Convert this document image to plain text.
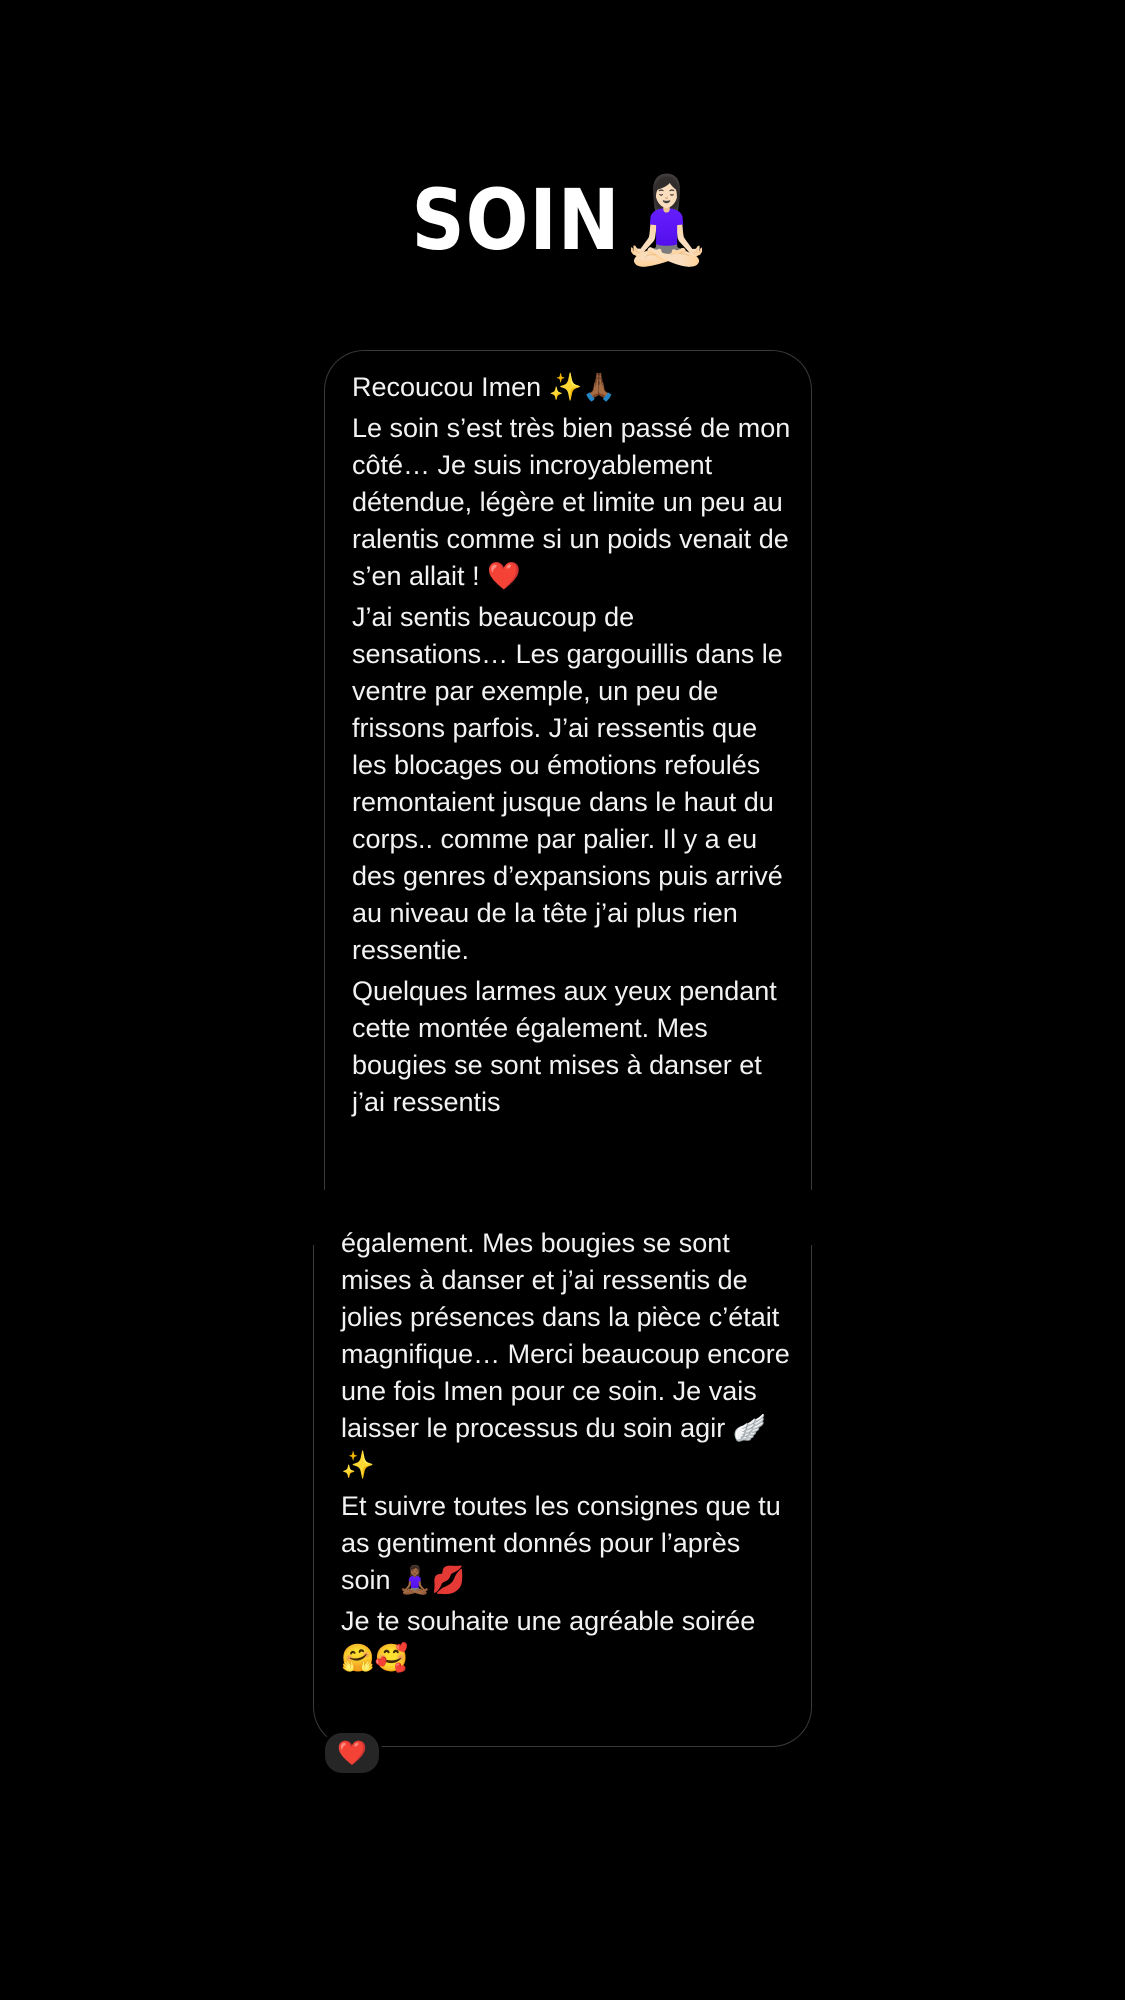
SOIN🧘🏻‍♀️

Recoucou Imen ✨🙏🏾

Le soin s’est très bien passé de mon côté… Je suis incroyablement détendue, légère et limite un peu au ralentis comme si un poids venait de s’en allait ! ❤️

J’ai sentis beaucoup de sensations… Les gargouillis dans le ventre par exemple, un peu de frissons parfois. J’ai ressentis que les blocages ou émotions refoulés remontaient jusque dans le haut du corps.. comme par palier. Il y a eu des genres d’expansions puis arrivé au niveau de la tête j’ai plus rien ressentie.

Quelques larmes aux yeux pendant cette montée également. Mes bougies se sont mises à danser et j’ai ressentis

également. Mes bougies se sont mises à danser et j’ai ressentis de jolies présences dans la pièce c’était magnifique… Merci beaucoup encore une fois Imen pour ce soin. Je vais laisser le processus du soin agir 🪽 ✨

Et suivre toutes les consignes que tu as gentiment donnés pour l’après soin 🧘🏾‍♀️💋

Je te souhaite une agréable soirée 🤗🥰

❤️
